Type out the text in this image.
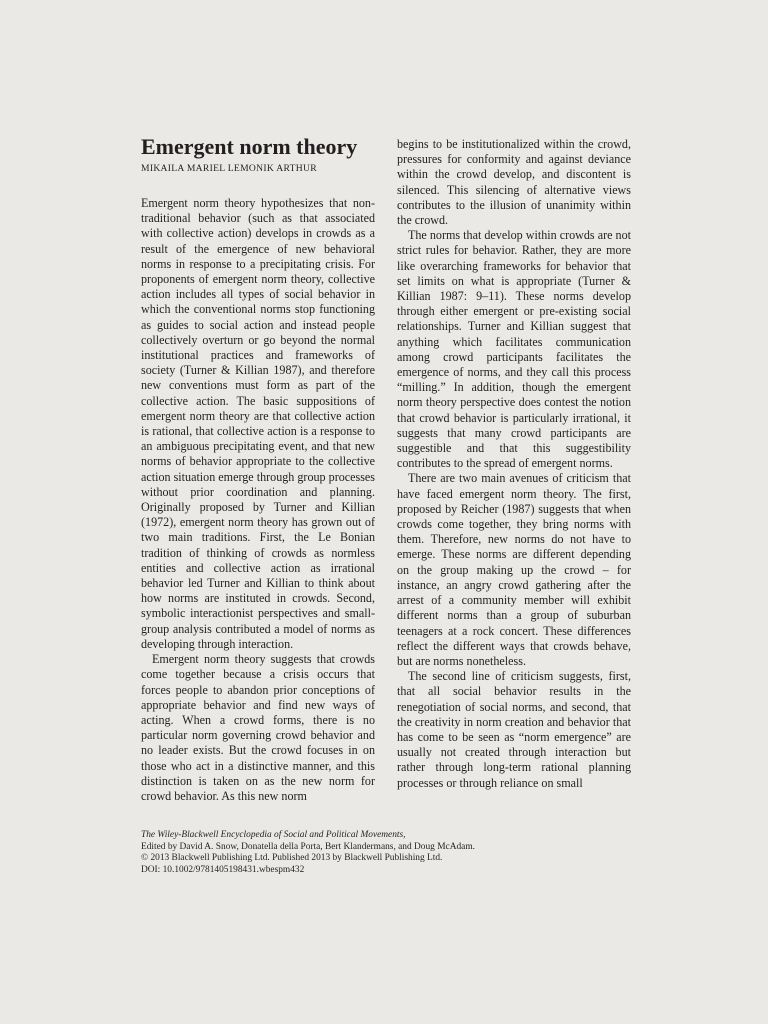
Emergent norm theory
MIKAILA MARIEL LEMONIK ARTHUR

Emergent norm theory hypothesizes that non-traditional behavior (such as that associated with collective action) develops in crowds as a result of the emergence of new behavioral norms in response to a precipitating crisis. For proponents of emergent norm theory, collective action includes all types of social behavior in which the conventional norms stop functioning as guides to social action and instead people collectively overturn or go beyond the normal institutional practices and frameworks of society (Turner & Killian 1987), and therefore new conventions must form as part of the collective action. The basic suppositions of emergent norm theory are that collective action is rational, that collective action is a response to an ambiguous precipitating event, and that new norms of behavior appropriate to the collective action situation emerge through group processes without prior coordination and planning. Originally proposed by Turner and Killian (1972), emergent norm theory has grown out of two main traditions. First, the Le Bonian tradition of thinking of crowds as normless entities and collective action as irrational behavior led Turner and Killian to think about how norms are instituted in crowds. Second, symbolic interactionist perspectives and small-group analysis contributed a model of norms as developing through interaction.

Emergent norm theory suggests that crowds come together because a crisis occurs that forces people to abandon prior conceptions of appropriate behavior and find new ways of acting. When a crowd forms, there is no particular norm governing crowd behavior and no leader exists. But the crowd focuses in on those who act in a distinctive manner, and this distinction is taken on as the new norm for crowd behavior. As this new norm

begins to be institutionalized within the crowd, pressures for conformity and against deviance within the crowd develop, and discontent is silenced. This silencing of alternative views contributes to the illusion of unanimity within the crowd.

The norms that develop within crowds are not strict rules for behavior. Rather, they are more like overarching frameworks for behavior that set limits on what is appropriate (Turner & Killian 1987: 9–11). These norms develop through either emergent or pre-existing social relationships. Turner and Killian suggest that anything which facilitates communication among crowd participants facilitates the emergence of norms, and they call this process “milling.” In addition, though the emergent norm theory perspective does contest the notion that crowd behavior is particularly irrational, it suggests that many crowd participants are suggestible and that this suggestibility contributes to the spread of emergent norms.

There are two main avenues of criticism that have faced emergent norm theory. The first, proposed by Reicher (1987) suggests that when crowds come together, they bring norms with them. Therefore, new norms do not have to emerge. These norms are different depending on the group making up the crowd – for instance, an angry crowd gathering after the arrest of a community member will exhibit different norms than a group of suburban teenagers at a rock concert. These differences reflect the different ways that crowds behave, but are norms nonetheless.

The second line of criticism suggests, first, that all social behavior results in the renegotiation of social norms, and second, that the creativity in norm creation and behavior that has come to be seen as “norm emergence” are usually not created through interaction but rather through long-term rational planning processes or through reliance on small

The Wiley-Blackwell Encyclopedia of Social and Political Movements,
Edited by David A. Snow, Donatella della Porta, Bert Klandermans, and Doug McAdam.
© 2013 Blackwell Publishing Ltd. Published 2013 by Blackwell Publishing Ltd.
DOI: 10.1002/9781405198431.wbespm432
